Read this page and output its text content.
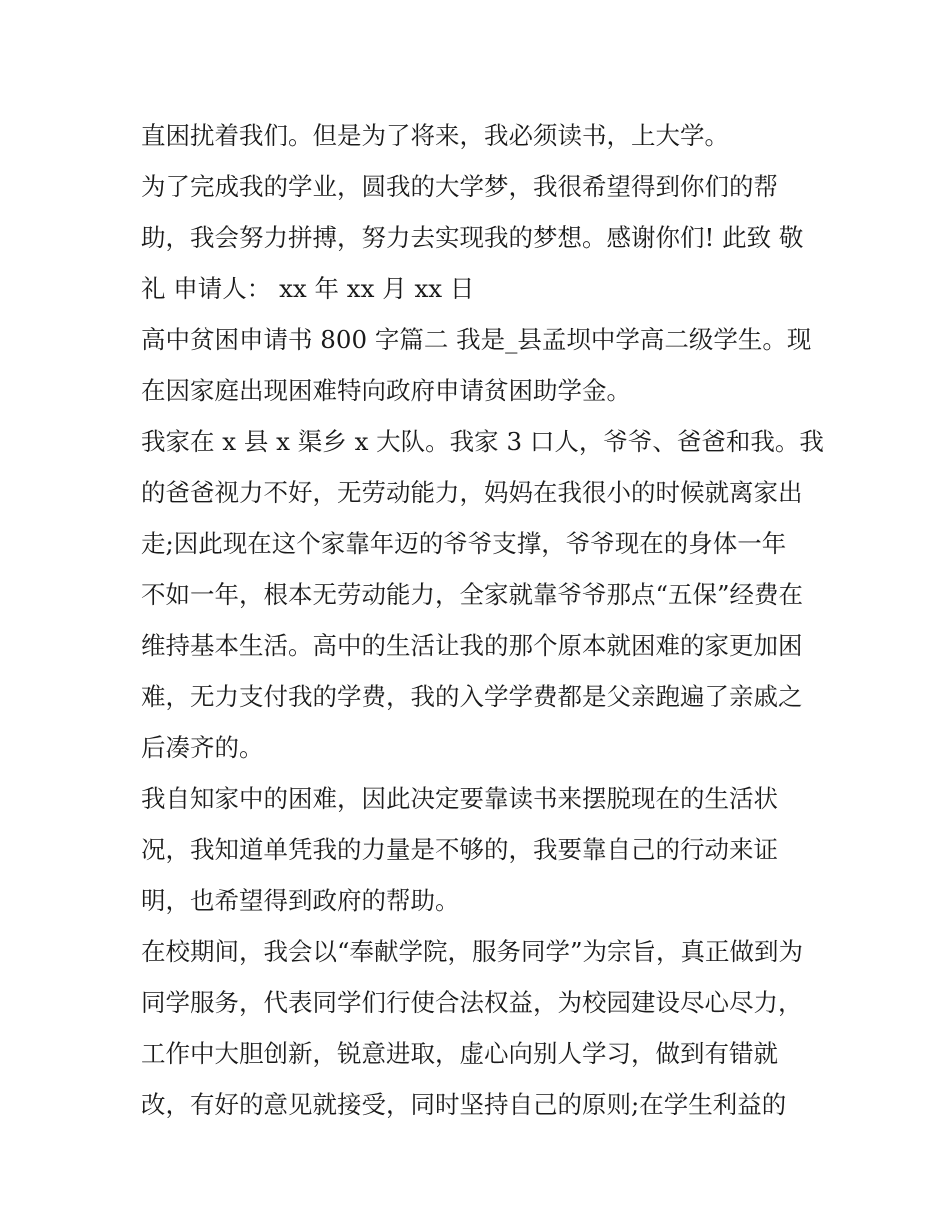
直困扰着我们。但是为了将来，我必须读书，上大学。

为了完成我的学业，圆我的大学梦，我很希望得到你们的帮

助，我会努力拼搏，努力去实现我的梦想。感谢你们! 此致 敬

礼 申请人： xx 年 xx 月 xx 日

高中贫困申请书 800 字篇二 我是_县孟坝中学高二级学生。现

在因家庭出现困难特向政府申请贫困助学金。

我家在 x 县 x 渠乡 x 大队。我家 3 口人，爷爷、爸爸和我。我

的爸爸视力不好，无劳动能力，妈妈在我很小的时候就离家出

走;因此现在这个家靠年迈的爷爷支撑，爷爷现在的身体一年

不如一年，根本无劳动能力，全家就靠爷爷那点“五保”经费在

维持基本生活。高中的生活让我的那个原本就困难的家更加困

难，无力支付我的学费，我的入学学费都是父亲跑遍了亲戚之

后凑齐的。

我自知家中的困难，因此决定要靠读书来摆脱现在的生活状

况，我知道单凭我的力量是不够的，我要靠自己的行动来证

明，也希望得到政府的帮助。

在校期间，我会以“奉献学院，服务同学”为宗旨，真正做到为

同学服务，代表同学们行使合法权益，为校园建设尽心尽力，

工作中大胆创新，锐意进取，虚心向别人学习，做到有错就

改，有好的意见就接受，同时坚持自己的原则;在学生利益的
